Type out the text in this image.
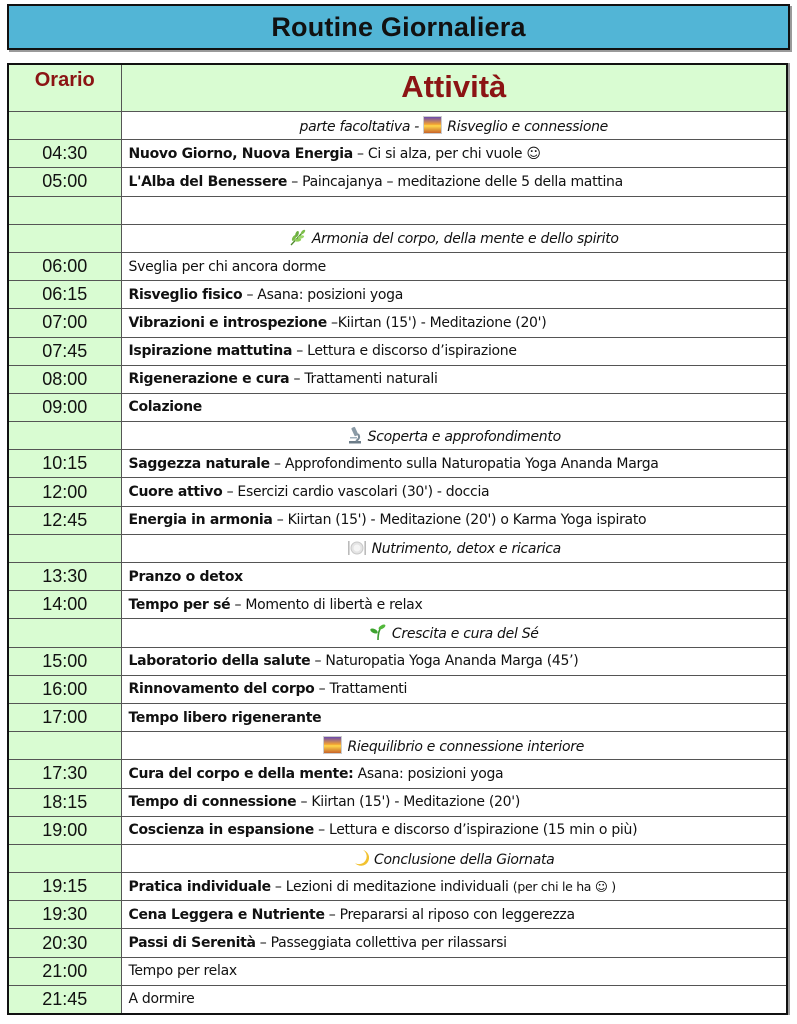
Routine Giornaliera
Orario	Attività
	parte facoltativa - Risveglio e connessione
04:30	Nuovo Giorno, Nuova Energia – Ci si alza, per chi vuole ☺
05:00	L'Alba del Benessere – Paincajanya – meditazione delle 5 della mattina

	Armonia del corpo, della mente e dello spirito
06:00	Sveglia per chi ancora dorme
06:15	Risveglio fisico – Asana: posizioni yoga
07:00	Vibrazioni e introspezione –Kiirtan (15') - Meditazione (20')
07:45	Ispirazione mattutina – Lettura e discorso d’ispirazione
08:00	Rigenerazione e cura – Trattamenti naturali
09:00	Colazione
	Scoperta e approfondimento
10:15	Saggezza naturale – Approfondimento sulla Naturopatia Yoga Ananda Marga
12:00	Cuore attivo – Esercizi cardio vascolari (30') - doccia
12:45	Energia in armonia – Kiirtan (15') - Meditazione (20') o Karma Yoga ispirato
	Nutrimento, detox e ricarica
13:30	Pranzo o detox
14:00	Tempo per sé – Momento di libertà e relax
	Crescita e cura del Sé
15:00	Laboratorio della salute – Naturopatia Yoga Ananda Marga (45’)
16:00	Rinnovamento del corpo – Trattamenti
17:00	Tempo libero rigenerante
	Riequilibrio e connessione interiore
17:30	Cura del corpo e della mente: Asana: posizioni yoga
18:15	Tempo di connessione – Kiirtan (15') - Meditazione (20')
19:00	Coscienza in espansione – Lettura e discorso d’ispirazione (15 min o più)
	Conclusione della Giornata
19:15	Pratica individuale – Lezioni di meditazione individuali (per chi le ha ☺ )
19:30	Cena Leggera e Nutriente – Prepararsi al riposo con leggerezza
20:30	Passi di Serenità – Passeggiata collettiva per rilassarsi
21:00	Tempo per relax
21:45	A dormire
